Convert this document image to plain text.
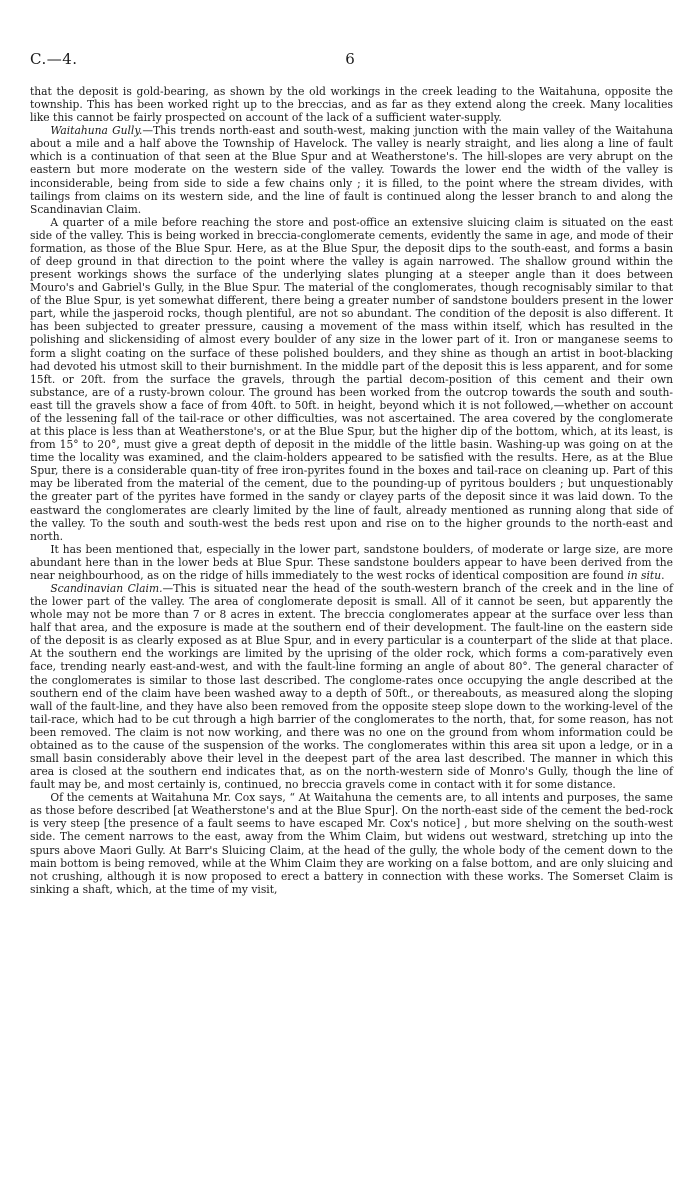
C.—4.	6

that the deposit is gold-bearing, as shown by the old workings in the creek leading to the Waitahuna, opposite the township. This has been worked right up to the breccias, and as far as they extend along the creek. Many localities like this cannot be fairly prospected on account of the lack of a sufficient water-supply.

Waitahuna Gully.—This trends north-east and south-west, making junction with the main valley of the Waitahuna about a mile and a half above the Township of Havelock. The valley is nearly straight, and lies along a line of fault which is a continuation of that seen at the Blue Spur and at Weatherstone's. The hill-slopes are very abrupt on the eastern but more moderate on the western side of the valley. Towards the lower end the width of the valley is inconsiderable, being from side to side a few chains only ; it is filled, to the point where the stream divides, with tailings from claims on its western side, and the line of fault is continued along the lesser branch to and along the Scandinavian Claim.

A quarter of a mile before reaching the store and post-office an extensive sluicing claim is situated on the east side of the valley. This is being worked in breccia-conglomerate cements, evidently the same in age, and mode of their formation, as those of the Blue Spur. Here, as at the Blue Spur, the deposit dips to the south-east, and forms a basin of deep ground in that direction to the point where the valley is again narrowed. The shallow ground within the present workings shows the surface of the underlying slates plunging at a steeper angle than it does between Mouro's and Gabriel's Gully, in the Blue Spur. The material of the conglomerates, though recognisably similar to that of the Blue Spur, is yet somewhat different, there being a greater number of sandstone boulders present in the lower part, while the jasperoid rocks, though plentiful, are not so abundant. The condition of the deposit is also different. It has been subjected to greater pressure, causing a movement of the mass within itself, which has resulted in the polishing and slickensiding of almost every boulder of any size in the lower part of it. Iron or manganese seems to form a slight coating on the surface of these polished boulders, and they shine as though an artist in boot-blacking had devoted his utmost skill to their burnishment. In the middle part of the deposit this is less apparent, and for some 15ft. or 20ft. from the surface the gravels, through the partial decom-position of this cement and their own substance, are of a rusty-brown colour. The ground has been worked from the outcrop towards the south and south-east till the gravels show a face of from 40ft. to 50ft. in height, beyond which it is not followed,—whether on account of the lessening fall of the tail-race or other difficulties, was not ascertained. The area covered by the conglomerate at this place is less than at Weatherstone's, or at the Blue Spur, but the higher dip of the bottom, which, at its least, is from 15° to 20°, must give a great depth of deposit in the middle of the little basin. Washing-up was going on at the time the locality was examined, and the claim-holders appeared to be satisfied with the results. Here, as at the Blue Spur, there is a considerable quan-tity of free iron-pyrites found in the boxes and tail-race on cleaning up. Part of this may be liberated from the material of the cement, due to the pounding-up of pyritous boulders ; but unquestionably the greater part of the pyrites have formed in the sandy or clayey parts of the deposit since it was laid down. To the eastward the conglomerates are clearly limited by the line of fault, already mentioned as running along that side of the valley. To the south and south-west the beds rest upon and rise on to the higher grounds to the north-east and north.

It has been mentioned that, especially in the lower part, sandstone boulders, of moderate or large size, are more abundant here than in the lower beds at Blue Spur. These sandstone boulders appear to have been derived from the near neighbourhood, as on the ridge of hills immediately to the west rocks of identical composition are found in situ.

Scandinavian Claim.—This is situated near the head of the south-western branch of the creek and in the line of the lower part of the valley. The area of conglomerate deposit is small. All of it cannot be seen, but apparently the whole may not be more than 7 or 8 acres in extent. The breccia conglomerates appear at the surface over less than half that area, and the exposure is made at the southern end of their development. The fault-line on the eastern side of the deposit is as clearly exposed as at Blue Spur, and in every particular is a counterpart of the slide at that place. At the southern end the workings are limited by the uprising of the older rock, which forms a com-paratively even face, trending nearly east-and-west, and with the fault-line forming an angle of about 80°. The general character of the conglomerates is similar to those last described. The conglome-rates once occupying the angle described at the southern end of the claim have been washed away to a depth of 50ft., or thereabouts, as measured along the sloping wall of the fault-line, and they have also been removed from the opposite steep slope down to the working-level of the tail-race, which had to be cut through a high barrier of the conglomerates to the north, that, for some reason, has not been removed. The claim is not now working, and there was no one on the ground from whom information could be obtained as to the cause of the suspension of the works. The conglomerates within this area sit upon a ledge, or in a small basin considerably above their level in the deepest part of the area last described. The manner in which this area is closed at the southern end indicates that, as on the north-western side of Monro's Gully, though the line of fault may be, and most certainly is, continued, no breccia gravels come in contact with it for some distance.

Of the cements at Waitahuna Mr. Cox says, “ At Waitahuna the cements are, to all intents and purposes, the same as those before described [at Weatherstone's and at the Blue Spur]. On the north-east side of the cement the bed-rock is very steep [the presence of a fault seems to have escaped Mr. Cox's notice] , but more shelving on the south-west side. The cement narrows to the east, away from the Whim Claim, but widens out westward, stretching up into the spurs above Maori Gully. At Barr's Sluicing Claim, at the head of the gully, the whole body of the cement down to the main bottom is being removed, while at the Whim Claim they are working on a false bottom, and are only sluicing and not crushing, although it is now proposed to erect a battery in connection with these works. The Somerset Claim is sinking a shaft, which, at the time of my visit,
